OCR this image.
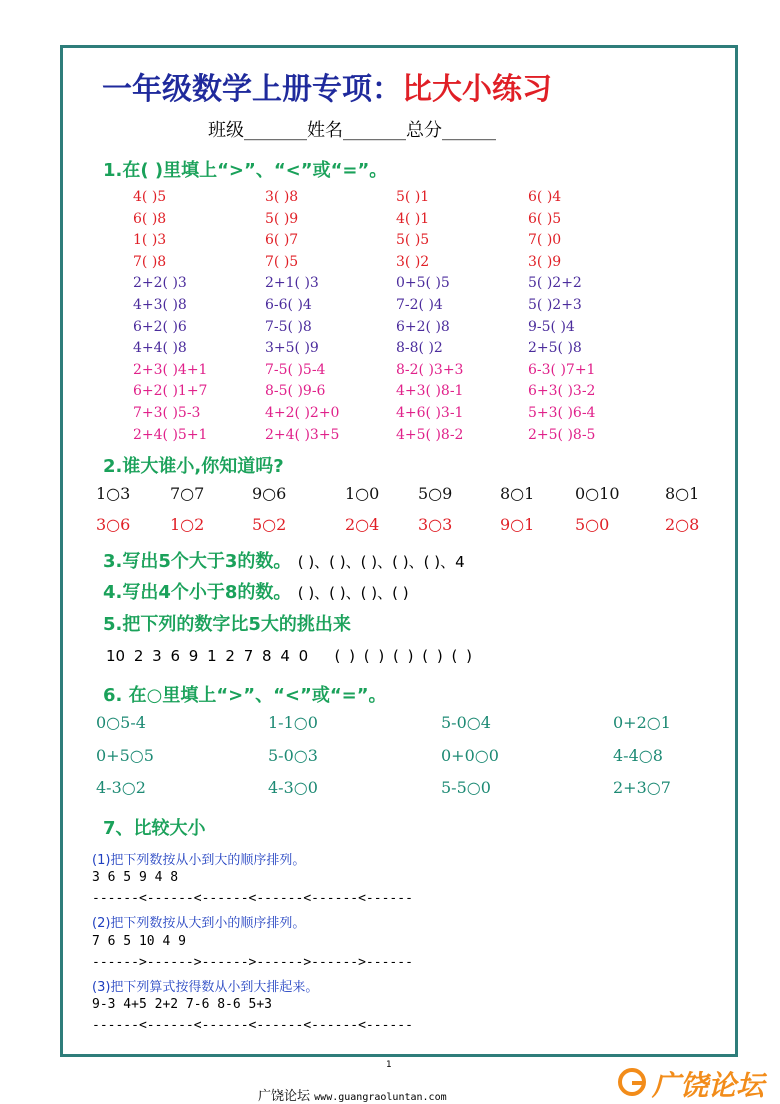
一年级数学上册专项：比大小练习
班级_______姓名_______总分______
1.在( )里填上“>”、“<”或“=”。
4( )5	3( )8	5( )1	6( )4
6( )8	5( )9	4( )1	6( )5
1( )3	6( )7	5( )5	7( )0
7( )8	7( )5	3( )2	3( )9
2+2( )3	2+1( )3	0+5( )5	5( )2+2
4+3( )8	6-6( )4	7-2( )4	5( )2+3
6+2( )6	7-5( )8	6+2( )8	9-5( )4
4+4( )8	3+5( )9	8-8( )2	2+5( )8
2+3( )4+1	7-5( )5-4	8-2( )3+3	6-3( )7+1
6+2( )1+7	8-5( )9-6	4+3( )8-1	6+3( )3-2
7+3( )5-3	4+2( )2+0	4+6( )3-1	5+3( )6-4
2+4( )5+1	2+4( )3+5	4+5( )8-2	2+5( )8-5
2.谁大谁小,你知道吗?
1○3 7○7	9○6	1○0 5○9	8○1	0○10	8○1
3○6 1○2	5○2	2○4 3○3	9○1	5○0	2○8
3.写出5个大于3的数。 ( )、( )、( )、( )、( )、4
4.写出4个小于8的数。 ( )、( )、( )、( )
5.把下列的数字比5大的挑出来
10 2 3 6 9 1 2 7 8 4 0 ( ) ( ) ( ) ( ) ( )
6. 在○里填上“>”、“<”或“=”。
0○5-4	1-1○0	5-0○4	0+2○1
0+5○5	5-0○3	0+0○0	4-4○8
4-3○2	4-3○0	5-5○0	2+3○7
7、比较大小
(1)把下列数按从小到大的顺序排列。
3 6 5 9 4 8
------<------<------<------<------<------
(2)把下列数按从大到小的顺序排列。
7 6 5 10 4 9
------>------>------>------>------>------
(3)把下列算式按得数从小到大排起来。
9-3 4+5 2+2 7-6 8-6 5+3
------<------<------<------<------<------
1
广饶论坛 www.guangraoluntan.com	广饶论坛
